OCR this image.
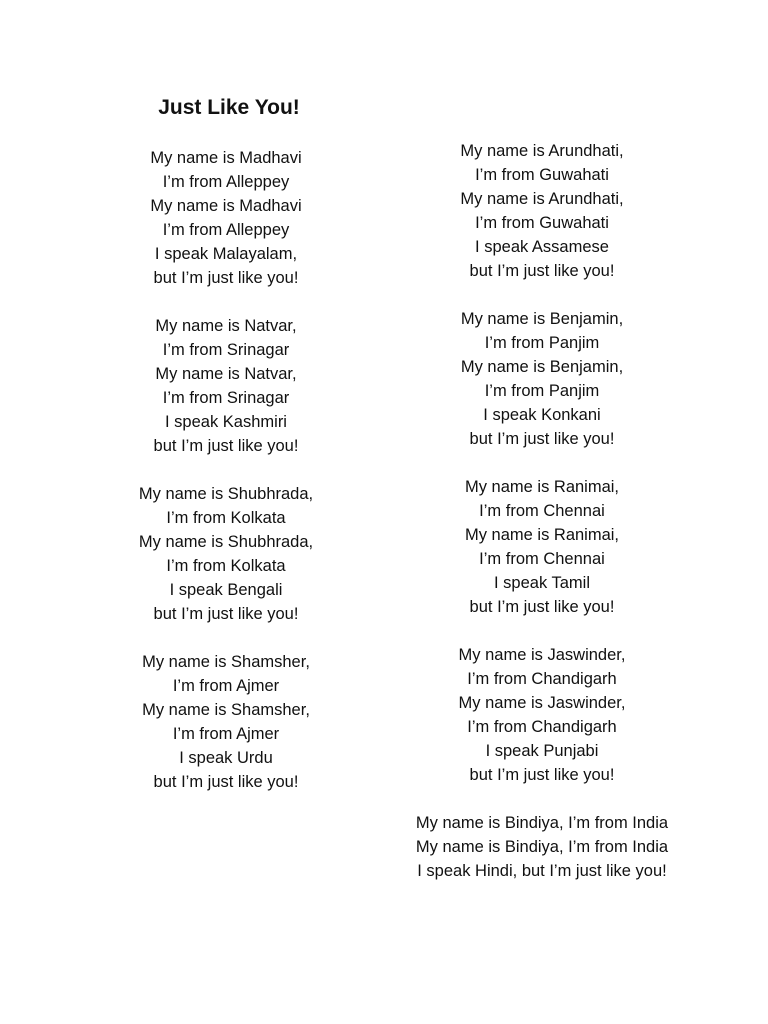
Just Like You!
My name is Madhavi
I’m from Alleppey
My name is Madhavi
I’m from Alleppey
I speak Malayalam,
but I’m just like you!
My name is Natvar,
I’m from Srinagar
My name is Natvar,
I’m from Srinagar
I speak Kashmiri
but I’m just like you!
My name is Shubhrada,
I’m from Kolkata
My name is Shubhrada,
I’m from Kolkata
I speak Bengali
but I’m just like you!
My name is Shamsher,
I’m from Ajmer
My name is Shamsher,
I’m from Ajmer
I speak Urdu
but I’m just like you!
My name is Arundhati,
I’m from Guwahati
My name is Arundhati,
I’m from Guwahati
I speak Assamese
but I’m just like you!
My name is Benjamin,
I’m from Panjim
My name is Benjamin,
I’m from Panjim
I speak Konkani
but I’m just like you!
My name is Ranimai,
I’m from Chennai
My name is Ranimai,
I’m from Chennai
I speak Tamil
but I’m just like you!
My name is Jaswinder,
I’m from Chandigarh
My name is Jaswinder,
I’m from Chandigarh
I speak Punjabi
but I’m just like you!
My name is Bindiya, I’m from India
My name is Bindiya, I’m from India
I speak Hindi, but I’m just like you!
